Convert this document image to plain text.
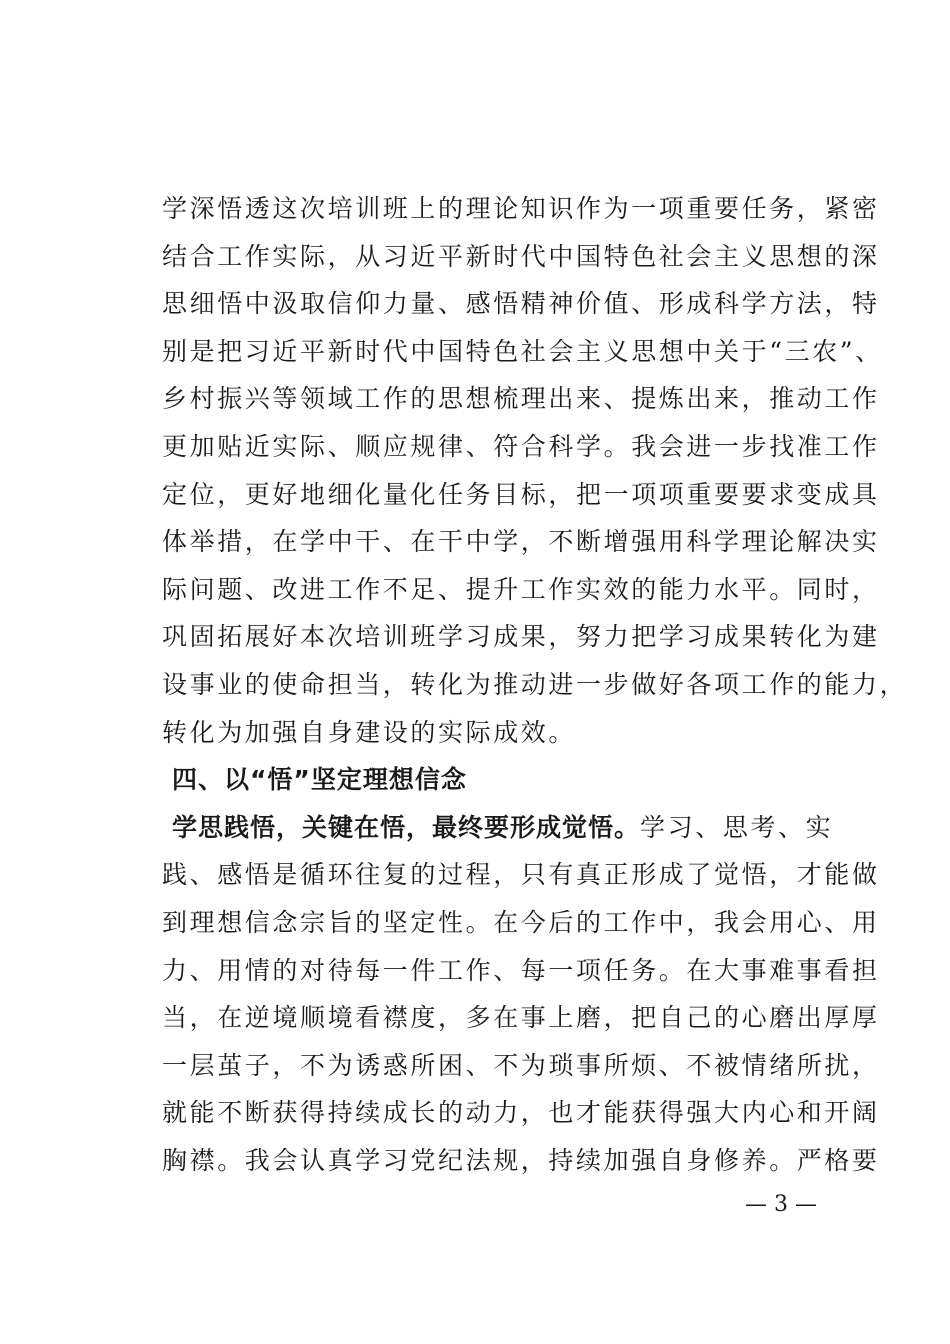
学深悟透这次培训班上的理论知识作为一项重要任务，紧密
结合工作实际，从习近平新时代中国特色社会主义思想的深
思细悟中汲取信仰力量、感悟精神价值、形成科学方法，特
别是把习近平新时代中国特色社会主义思想中关于“三农”、
乡村振兴等领域工作的思想梳理出来、提炼出来，推动工作
更加贴近实际、顺应规律、符合科学。我会进一步找准工作
定位，更好地细化量化任务目标，把一项项重要要求变成具
体举措，在学中干、在干中学，不断增强用科学理论解决实
际问题、改进工作不足、提升工作实效的能力水平。同时，
巩固拓展好本次培训班学习成果，努力把学习成果转化为建
设事业的使命担当，转化为推动进一步做好各项工作的能力，
转化为加强自身建设的实际成效。
四、以“悟”坚定理想信念
学思践悟，关键在悟，最终要形成觉悟。学习、思考、实
践、感悟是循环往复的过程，只有真正形成了觉悟，才能做
到理想信念宗旨的坚定性。在今后的工作中，我会用心、用
力、用情的对待每一件工作、每一项任务。在大事难事看担
当，在逆境顺境看襟度，多在事上磨，把自己的心磨出厚厚
一层茧子，不为诱惑所困、不为琐事所烦、不被情绪所扰，
就能不断获得持续成长的动力，也才能获得强大内心和开阔
胸襟。我会认真学习党纪法规，持续加强自身修养。严格要
— 3 —
